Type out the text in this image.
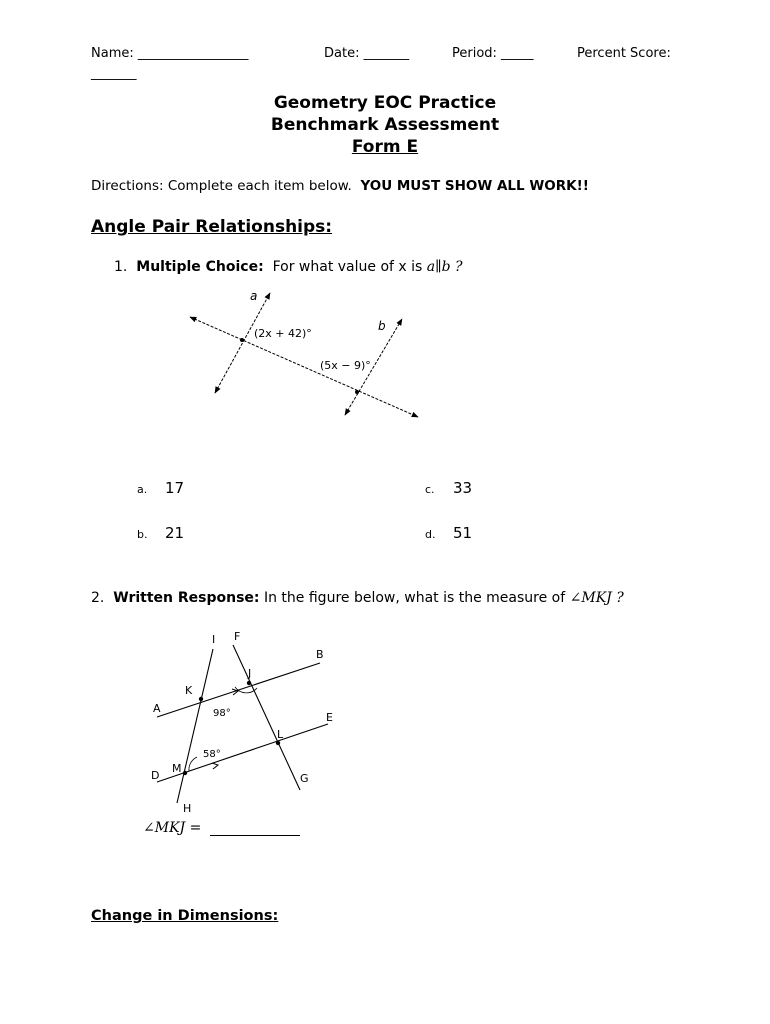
Name: _________________	Date: _______	Period: _____	Percent Score:
_______
Geometry EOC Practice
Benchmark Assessment
Form E
Directions: Complete each item below. YOU MUST SHOW ALL WORK!!
Angle Pair Relationships:
1. Multiple Choice: For what value of x is a∥b ?
a
b
(2x + 42)°
(5x − 9)°
a. 17
b. 21
c. 33
d. 51
2. Written Response: In the figure below, what is the measure of ∠MKJ ?
I F
B
J
K
A
E
L
M
D	G
H
98°
58°
∠MKJ =
Change in Dimensions:
